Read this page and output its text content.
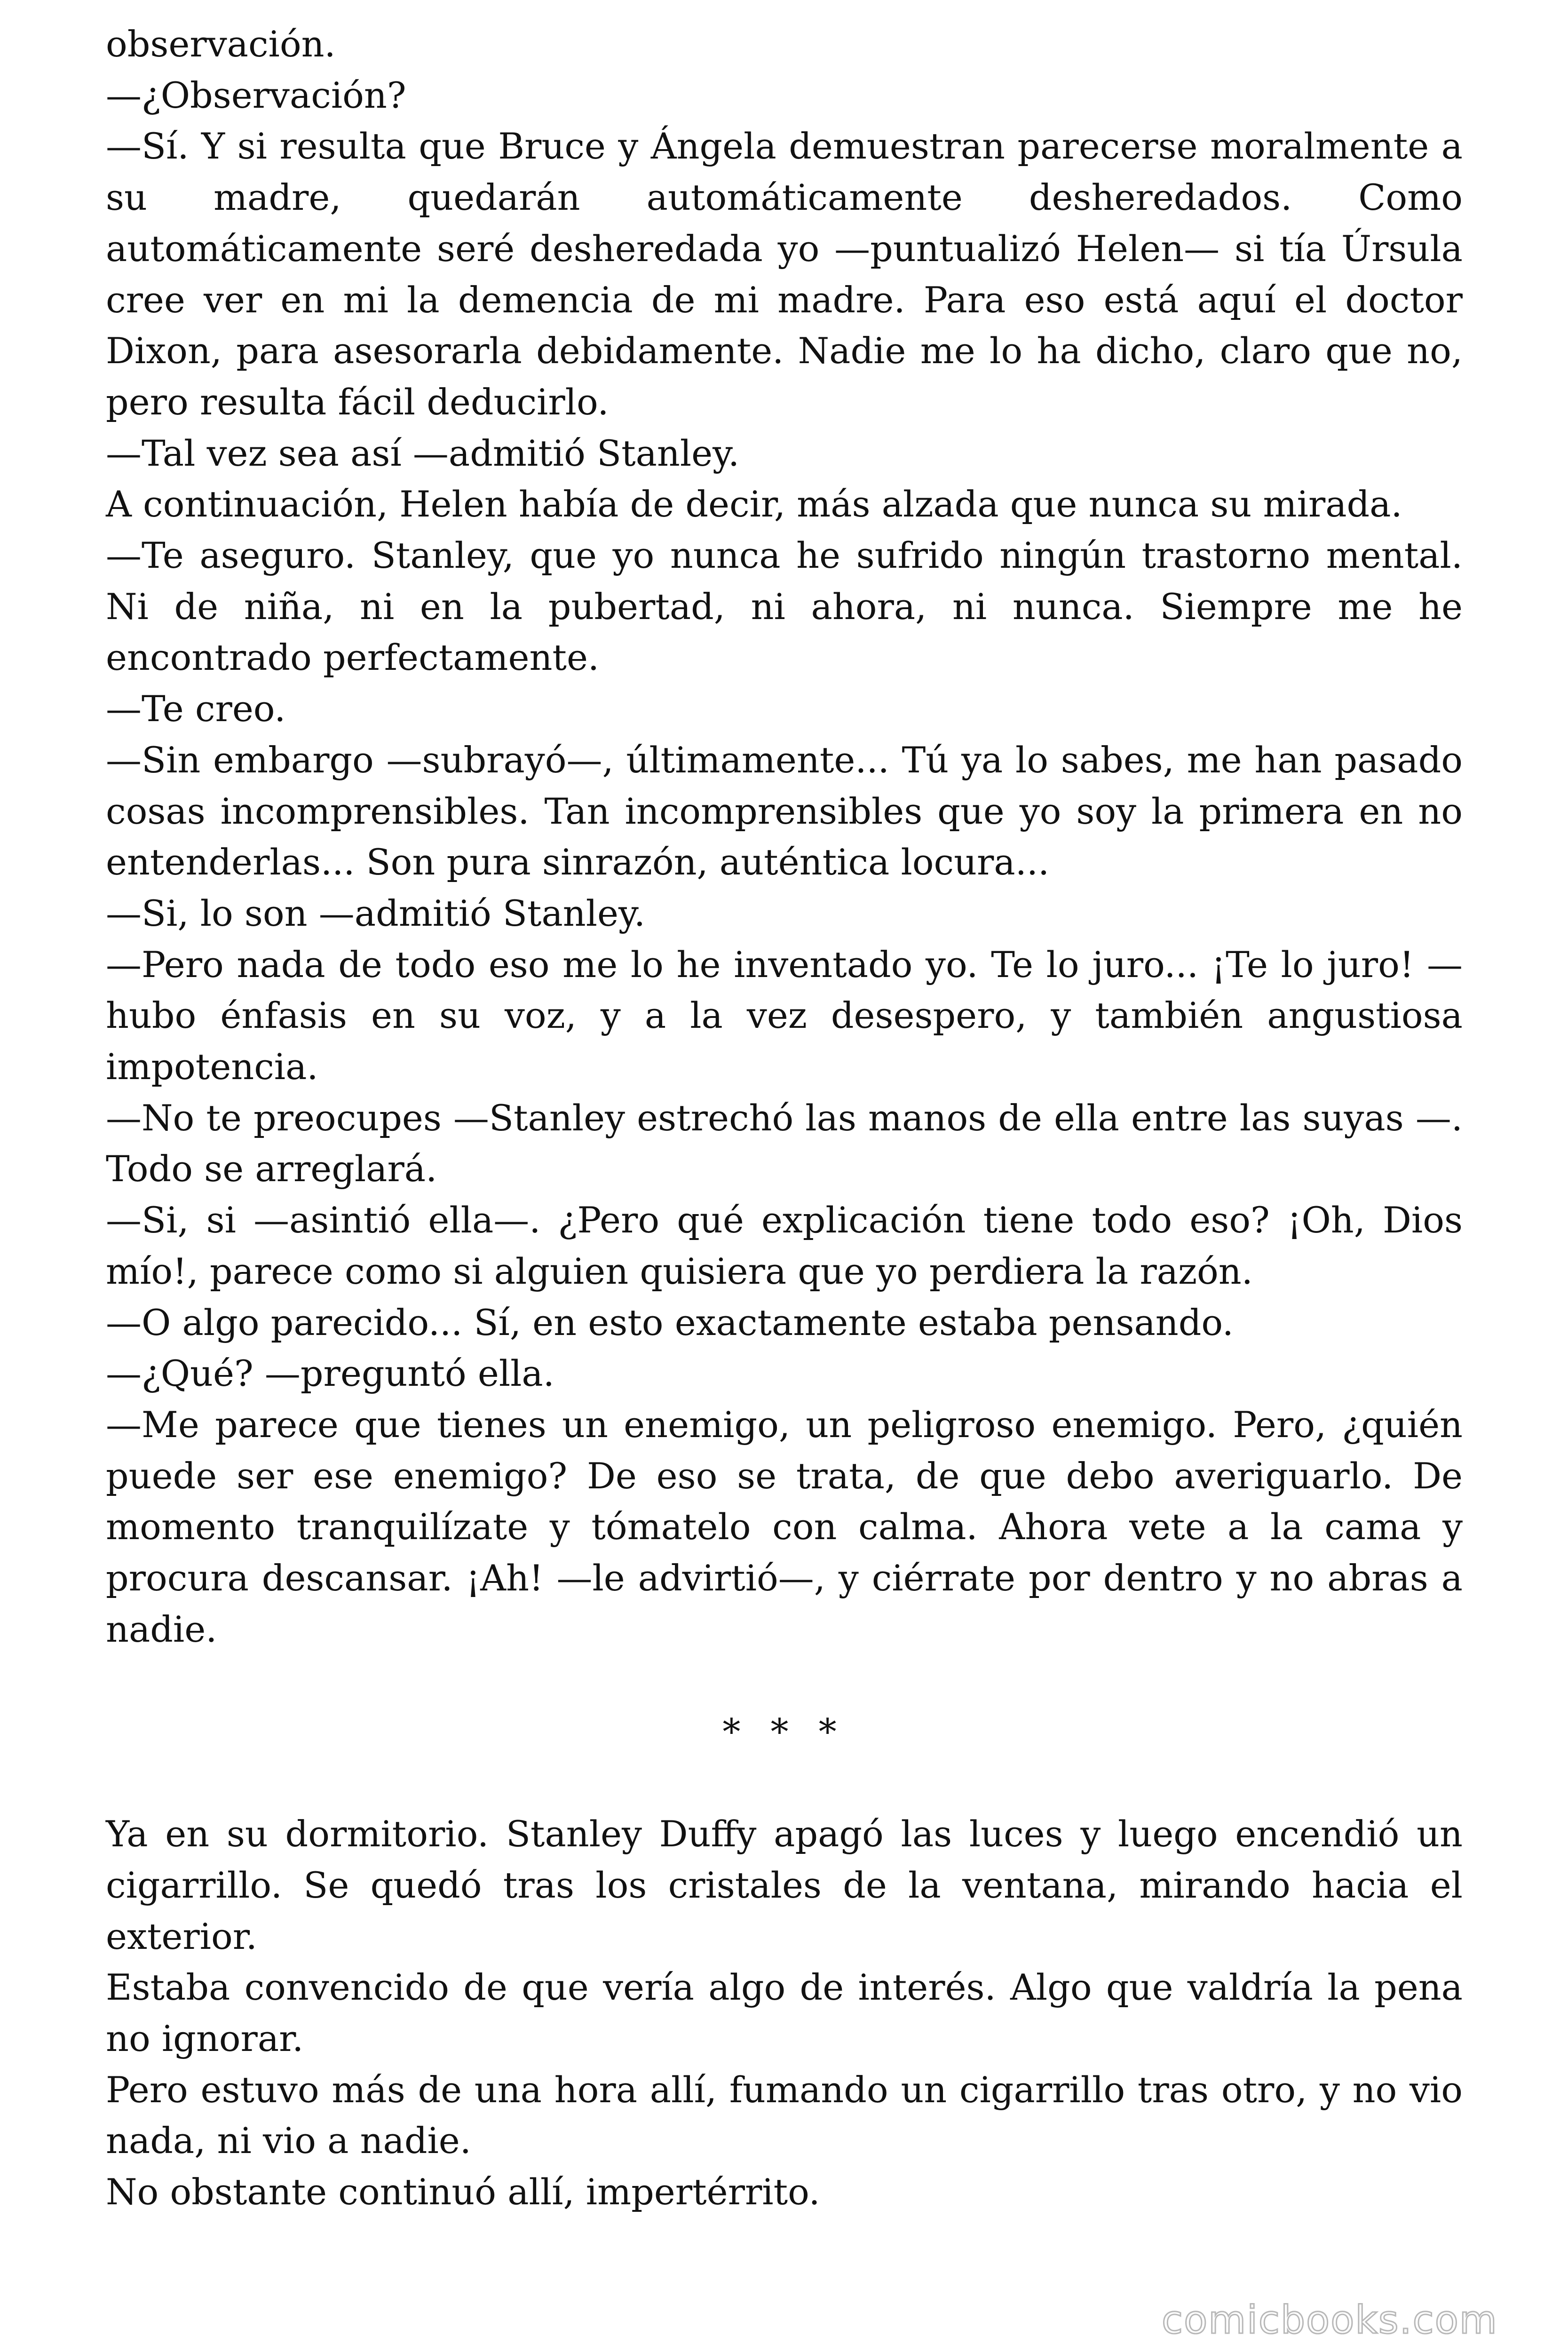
observación.

—¿Observación?

—Sí. Y si resulta que Bruce y Ángela demuestran parecerse moralmente a su madre, quedarán automáticamente desheredados. Como automáticamente seré desheredada yo —puntualizó Helen— si tía Úrsula cree ver en mi la demencia de mi madre. Para eso está aquí el doctor Dixon, para asesorarla debidamente. Nadie me lo ha dicho, claro que no, pero resulta fácil deducirlo.

—Tal vez sea así —admitió Stanley.

A continuación, Helen había de decir, más alzada que nunca su mirada.

—Te aseguro. Stanley, que yo nunca he sufrido ningún trastorno mental. Ni de niña, ni en la pubertad, ni ahora, ni nunca. Siempre me he encontrado perfectamente.

—Te creo.

—Sin embargo —subrayó—, últimamente... Tú ya lo sabes, me han pasado cosas incomprensibles. Tan incomprensibles que yo soy la primera en no entenderlas... Son pura sinrazón, auténtica locura...

—Si, lo son —admitió Stanley.

—Pero nada de todo eso me lo he inventado yo. Te lo juro... ¡Te lo juro! —hubo énfasis en su voz, y a la vez desespero, y también angustiosa impotencia.

—No te preocupes —Stanley estrechó las manos de ella entre las suyas —. Todo se arreglará.

—Si, si —asintió ella—. ¿Pero qué explicación tiene todo eso? ¡Oh, Dios mío!, parece como si alguien quisiera que yo perdiera la razón.

—O algo parecido... Sí, en esto exactamente estaba pensando.

—¿Qué? —preguntó ella.

—Me parece que tienes un enemigo, un peligroso enemigo. Pero, ¿quién puede ser ese enemigo? De eso se trata, de que debo averiguarlo. De momento tranquilízate y tómatelo con calma. Ahora vete a la cama y procura descansar. ¡Ah! —le advirtió—, y ciérrate por dentro y no abras a nadie.

* * *

Ya en su dormitorio. Stanley Duffy apagó las luces y luego encendió un cigarrillo. Se quedó tras los cristales de la ventana, mirando hacia el exterior.

Estaba convencido de que vería algo de interés. Algo que valdría la pena no ignorar.

Pero estuvo más de una hora allí, fumando un cigarrillo tras otro, y no vio nada, ni vio a nadie.

No obstante continuó allí, impertérrito.

comicbooks.com
